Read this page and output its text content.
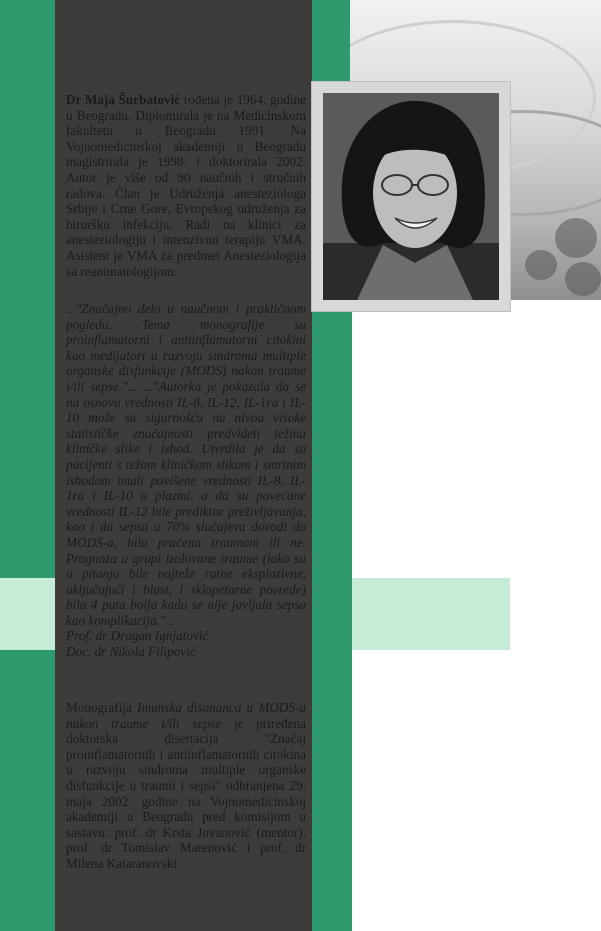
Dr Maja Šurbatović rođena je 1964. godine u Beogradu. Diplomirala je na Medicinskom fakultetu u Beogradu 1991. Na Vojnomedicinskoj akademiji u Beogradu magistrirala je 1998. i doktorirala 2002. Autor je više od 90 naučnih i stručnih radova. Član je Udruženja anesteziologa Srbije i Crne Gore, Evropskog udruženja za hiruršku infekciju. Radi na klinici za anesteziologiju i intenzivnu terapiju VMA. Asistent je VMA za predmet Anesteziologija sa reanimatologijom.
..."Značajno delo u naučnom i praktičnom pogledu. Tema monografije su proinflamatorni i antiinflamatorni citokini kao medijatori u razvoju sindroma multiple organske disfunkcije (MODS) nakon traume i/ili sepse."... ..."Autorka je pokazala da se na osnovu vrednosti IL-8, IL-12, IL-1ra i IL-10 može sa sigurnošću na nivou visoke statističke značajnosti predvideti težina kliničke slike i ishod. Utvrdila je da su pacijenti s težom kliničkom slikom i smrtnim ishodom imali povišene vrednosti IL-8, IL-1ra i IL-10 u plazmi, a da su povećane vrednosti IL-12 bile prediktor preživljavanja, kao i da sepsa u 70% slučajeva dovodi do MODS-a, bila praćena traumom ili ne. Prognoza u grupi izolovane traume (iako su u pitanju bile najteže ratne eksplozivne, uključujući i blast, i sklopetarne povrede) bila 4 puta bolja kada se nije javljala sepsa kao komplikacija."...
Prof. dr Dragan Ignjatović
Doc. dr Nikola Filipović
Monografija Imunska disonanca u MODS-u nakon traume i/ili sepse je priređena doktorska disertacija "Značaj proinflamatornih i antiinflamatornih citokina u razvoju sindroma multiple organske disfunkcije u traumi i sepsi" odbranjena 29. maja 2002. godine na Vojnomedicinskoj akademiji u Beogradu pred komisijom u sastavu: prof. dr Krsta Jovanović (mentor), prof. dr Tomislav Marenović i prof. dr Milena Kataranovski.
